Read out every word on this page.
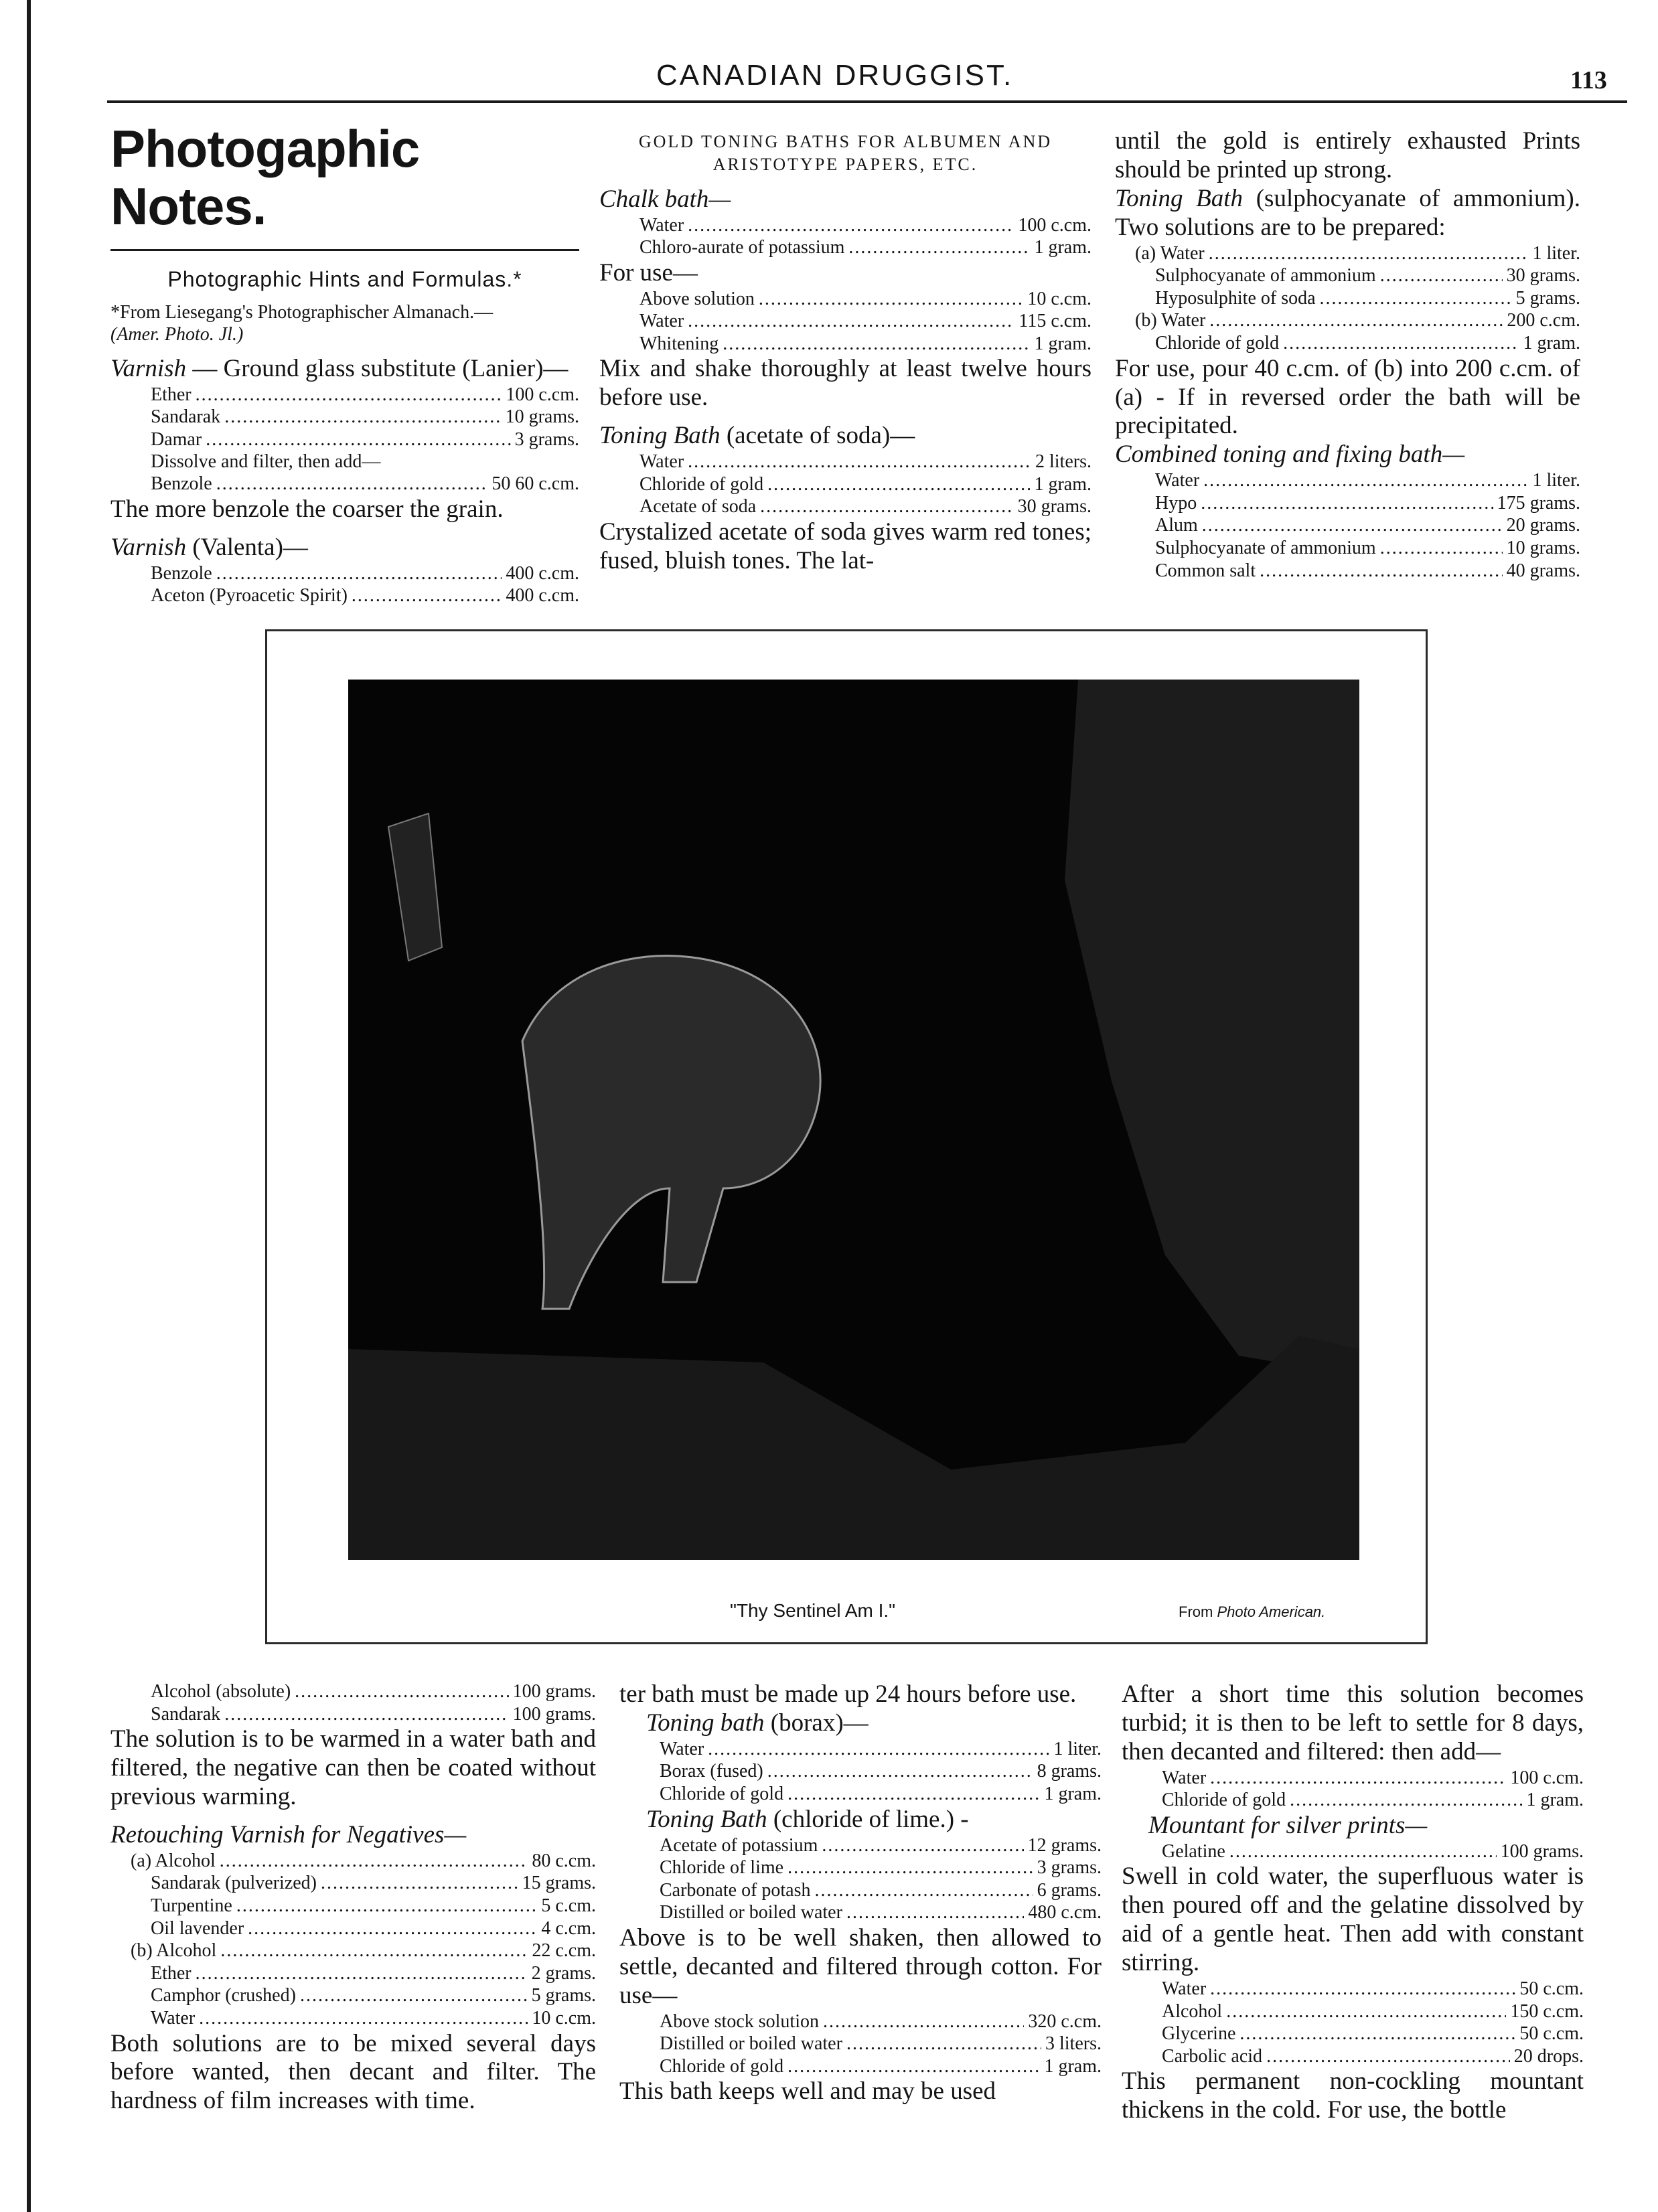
CANADIAN DRUGGIST.	113

Photogaphic Notes.

Photographic Hints and Formulas.*

*From Liesegang's Photographischer Almanach.—
(Amer. Photo. Jl.)

Varnish — Ground glass substitute (Lanier)—

Ether .....	100 c.cm.
Sandarak .....	10 grams.
Damar .....	3 grams.

Dissolve and filter, then add—

Benzole .....	50 60 c.cm.

The more benzole the coarser the grain.

Varnish (Valenta)—

Benzole .....	400 c.cm.
Aceton (Pyroacetic Spirit) .....	400 c.cm.

GOLD TONING BATHS FOR ALBUMEN AND
ARISTOTYPE PAPERS, ETC.

Chalk bath—

Water .....	100 c.cm.
Chloro-aurate of potassium .....	1 gram.

For use—

Above solution .....	10 c.cm.
Water .....	115 c.cm.
Whitening .....	1 gram.

Mix and shake thoroughly at least twelve hours before use.

Toning Bath (acetate of soda)—

Water .....	2 liters.
Chloride of gold .....	1 gram.
Acetate of soda .....	30 grams.

Crystalized acetate of soda gives warm red tones; fused, bluish tones. The lat-

until the gold is entirely exhausted Prints should be printed up strong.

Toning Bath (sulphocyanate of ammonium). Two solutions are to be prepared:

(a) Water .....	1 liter.
Sulphocyanate of ammonium .....	30 grams.
Hyposulphite of soda .....	5 grams.
(b) Water .....	200 c.cm.
Chloride of gold .....	1 gram.

For use, pour 40 c.cm. of (b) into 200 c.cm. of (a) - If in reversed order the bath will be precipitated.

Combined toning and fixing bath—

Water .....	1 liter.
Hypo .....	175 grams.
Alum .....	20 grams.
Sulphocyanate of ammonium .....	10 grams.
Common salt .....	40 grams.
"Thy Sentinel Am I."	From Photo American.
Alcohol (absolute) .....	100 grams.
Sandarak .....	100 grams.

The solution is to be warmed in a water bath and filtered, the negative can then be coated without previous warming.

Retouching Varnish for Negatives—

(a) Alcohol .....	80 c.cm.
Sandarak (pulverized) .....	15 grams.
Turpentine .....	5 c.cm.
Oil lavender .....	4 c.cm.
(b) Alcohol .....	22 c.cm.
Ether .....	2 grams.
Camphor (crushed) .....	5 grams.
Water .....	10 c.cm.

Both solutions are to be mixed several days before wanted, then decant and filter. The hardness of film increases with time.

ter bath must be made up 24 hours before use.

Toning bath (borax)—

Water .....	1 liter.
Borax (fused) .....	8 grams.
Chloride of gold .....	1 gram.

Toning Bath (chloride of lime.) -

Acetate of potassium .....	12 grams.
Chloride of lime .....	3 grams.
Carbonate of potash .....	6 grams.
Distilled or boiled water .....	480 c.cm.

Above is to be well shaken, then allowed to settle, decanted and filtered through cotton. For use—

Above stock solution .....	320 c.cm.
Distilled or boiled water .....	3 liters.
Chloride of gold .....	1 gram.

This bath keeps well and may be used

After a short time this solution becomes turbid; it is then to be left to settle for 8 days, then decanted and filtered: then add—

Water .....	100 c.cm.
Chloride of gold .....	1 gram.

Mountant for silver prints—

Gelatine .....	100 grams.

Swell in cold water, the superfluous water is then poured off and the gelatine dissolved by aid of a gentle heat. Then add with constant stirring.

Water .....	50 c.cm.
Alcohol .....	150 c.cm.
Glycerine .....	50 c.cm.
Carbolic acid .....	20 drops.

This permanent non-cockling mountant thickens in the cold. For use, the bottle
